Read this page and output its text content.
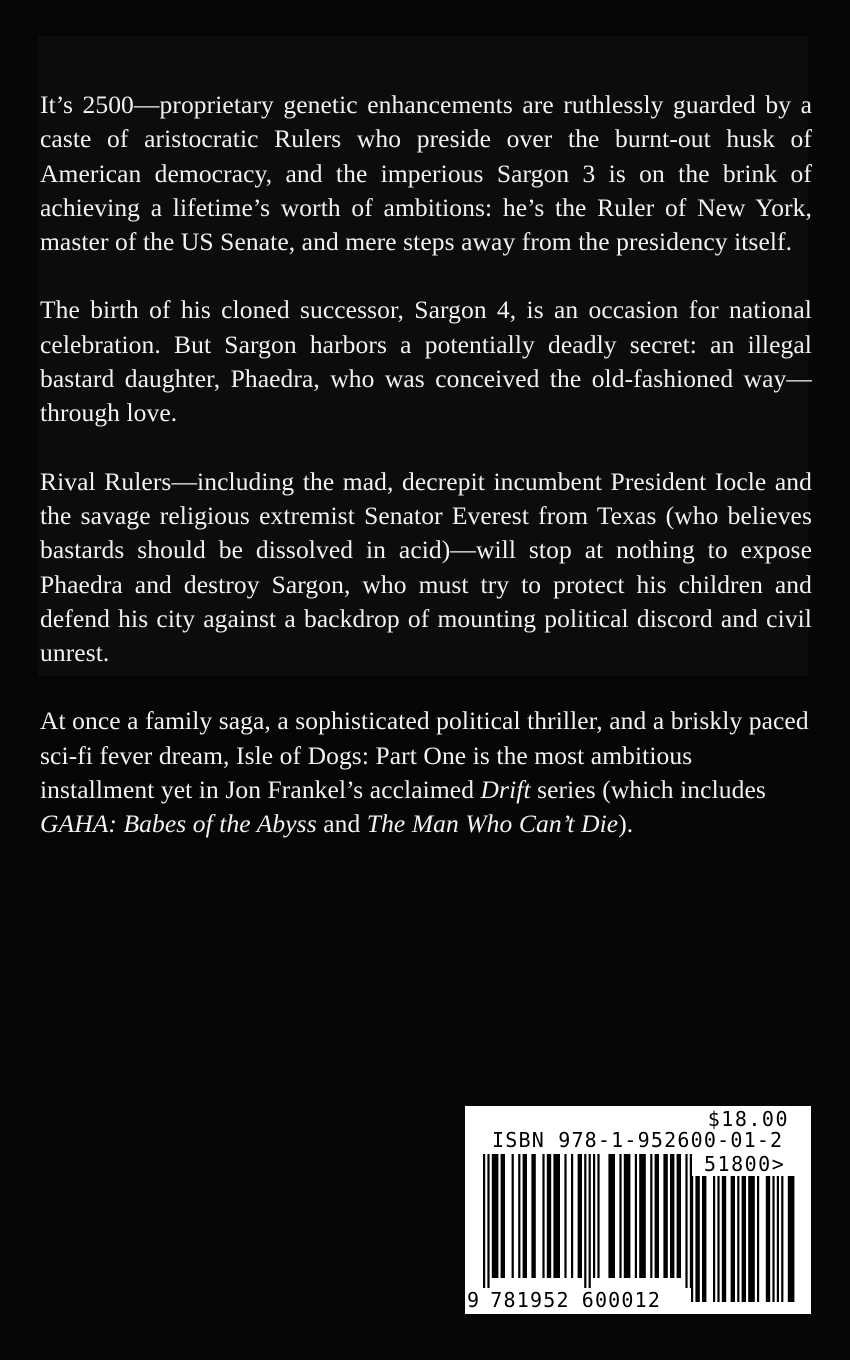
It’s 2500—proprietary genetic enhancements are ruthlessly guarded by a caste of aristocratic Rulers who preside over the burnt-out husk of American democracy, and the imperious Sargon 3 is on the brink of achieving a lifetime’s worth of ambitions: he’s the Ruler of New York, master of the US Senate, and mere steps away from the presidency itself.

The birth of his cloned successor, Sargon 4, is an occasion for national celebration. But Sargon harbors a potentially deadly secret: an illegal bastard daughter, Phaedra, who was conceived the old-fashioned way—through love.

Rival Rulers—including the mad, decrepit incumbent President Iocle and the savage religious extremist Senator Everest from Texas (who believes bastards should be dissolved in acid)—will stop at nothing to expose Phaedra and destroy Sargon, who must try to protect his children and defend his city against a backdrop of mounting political discord and civil unrest.

At once a family saga, a sophisticated political thriller, and a briskly paced sci-fi fever dream, Isle of Dogs: Part One is the most ambitious installment yet in Jon Frankel’s acclaimed Drift series (which includes GAHA: Babes of the Abyss and The Man Who Can’t Die).

$18.00
ISBN 978-1-952600-01-2
51800>
9 781952 600012
